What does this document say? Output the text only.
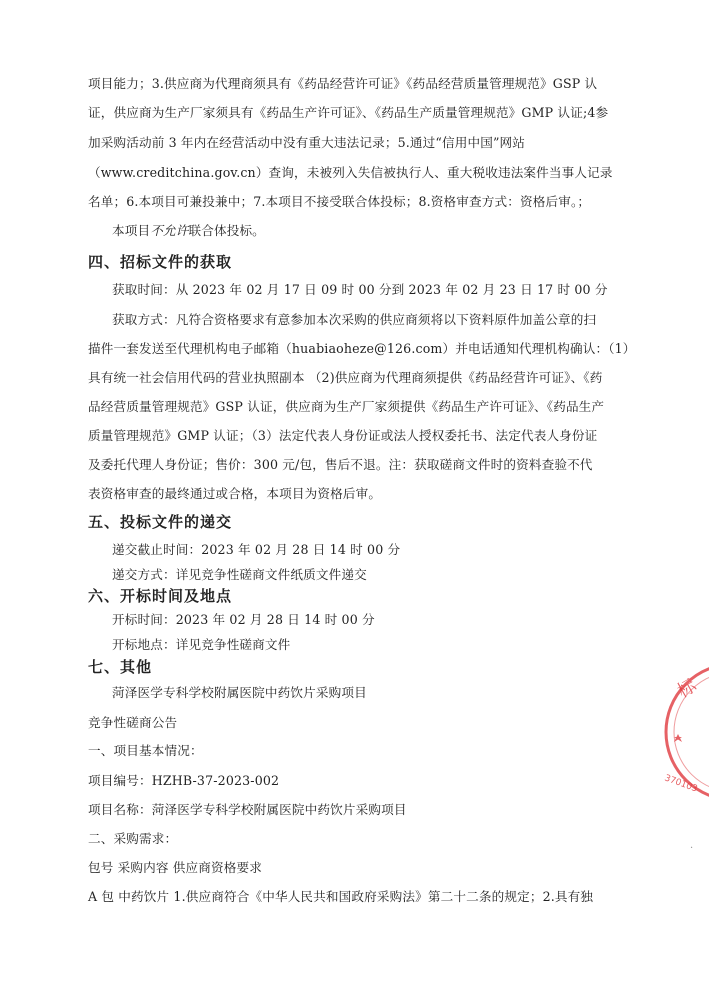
项目能力；3.供应商为代理商须具有《药品经营许可证》《药品经营质量管理规范》GSP 认
证，供应商为生产厂家须具有《药品生产许可证》、《药品生产质量管理规范》GMP 认证;4参
加采购活动前 3 年内在经营活动中没有重大违法记录；5.通过“信用中国”网站
（www.creditchina.gov.cn）查询，未被列入失信被执行人、重大税收违法案件当事人记录
名单；6.本项目可兼投兼中；7.本项目不接受联合体投标；8.资格审查方式：资格后审。；
本项目不允许联合体投标。
四、招标文件的获取
获取时间：从 2023 年 02 月 17 日 09 时 00 分到 2023 年 02 月 23 日 17 时 00 分
获取方式：凡符合资格要求有意参加本次采购的供应商须将以下资料原件加盖公章的扫
描件一套发送至代理机构电子邮箱（huabiaoheze@126.com）并电话通知代理机构确认：（1）
具有统一社会信用代码的营业执照副本 （2)供应商为代理商须提供《药品经营许可证》、《药
品经营质量管理规范》GSP 认证，供应商为生产厂家须提供《药品生产许可证》、《药品生产
质量管理规范》GMP 认证；（3）法定代表人身份证或法人授权委托书、法定代表人身份证
及委托代理人身份证；售价：300 元/包，售后不退。注：获取磋商文件时的资料查验不代
表资格审查的最终通过或合格，本项目为资格后审。
五、投标文件的递交
递交截止时间：2023 年 02 月 28 日 14 时 00 分
递交方式：详见竞争性磋商文件纸质文件递交
六、开标时间及地点
开标时间：2023 年 02 月 28 日 14 时 00 分
开标地点：详见竞争性磋商文件
七、其他
菏泽医学专科学校附属医院中药饮片采购项目
竞争性磋商公告
一、项目基本情况：
项目编号：HZHB-37-2023-002
项目名称：菏泽医学专科学校附属医院中药饮片采购项目
二、采购需求：
包号 采购内容 供应商资格要求
A 包 中药饮片 1.供应商符合《中华人民共和国政府采购法》第二十二条的规定；2.具有独
标
370103
·
